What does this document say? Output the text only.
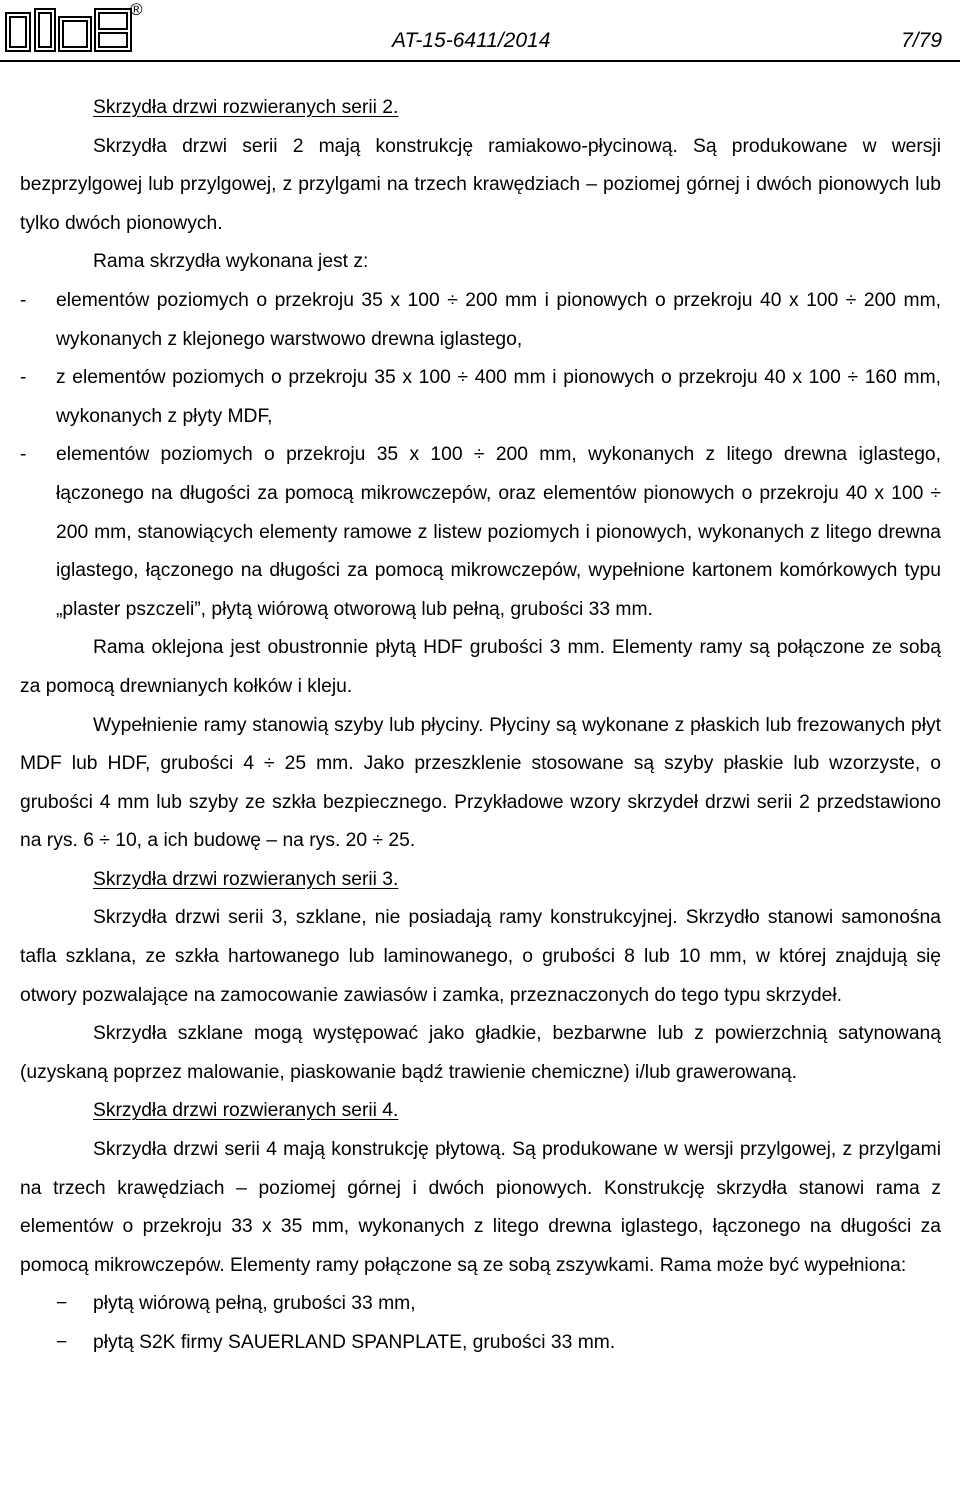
®
AT-15-6411/2014	7/79

Skrzydła drzwi rozwieranych serii 2.

Skrzydła drzwi serii 2 mają konstrukcję ramiakowo-płycinową. Są produkowane w wersji bezprzylgowej lub przylgowej, z przylgami na trzech krawędziach – poziomej górnej i dwóch pionowych lub tylko dwóch pionowych.

Rama skrzydła wykonana jest z:

- elementów poziomych o przekroju 35 x 100 ÷ 200 mm i pionowych o przekroju 40 x 100 ÷ 200 mm, wykonanych z klejonego warstwowo drewna iglastego,

- z elementów poziomych o przekroju 35 x 100 ÷ 400 mm i pionowych o przekroju 40 x 100 ÷ 160 mm, wykonanych z płyty MDF,

- elementów poziomych o przekroju 35 x 100 ÷ 200 mm, wykonanych z litego drewna iglastego, łączonego na długości za pomocą mikrowczepów, oraz elementów pionowych o przekroju 40 x 100 ÷ 200 mm, stanowiących elementy ramowe z listew poziomych i pionowych, wykonanych z litego drewna iglastego, łączonego na długości za pomocą mikrowczepów, wypełnione kartonem komórkowych typu „plaster pszczeli”, płytą wiórową otworową lub pełną, grubości 33 mm.

Rama oklejona jest obustronnie płytą HDF grubości 3 mm. Elementy ramy są połączone ze sobą za pomocą drewnianych kołków i kleju.

Wypełnienie ramy stanowią szyby lub płyciny. Płyciny są wykonane z płaskich lub frezowanych płyt MDF lub HDF, grubości 4 ÷ 25 mm. Jako przeszklenie stosowane są szyby płaskie lub wzorzyste, o grubości 4 mm lub szyby ze szkła bezpiecznego. Przykładowe wzory skrzydeł drzwi serii 2 przedstawiono na rys. 6 ÷ 10, a ich budowę – na rys. 20 ÷ 25.

Skrzydła drzwi rozwieranych serii 3.

Skrzydła drzwi serii 3, szklane, nie posiadają ramy konstrukcyjnej. Skrzydło stanowi samonośna tafla szklana, ze szkła hartowanego lub laminowanego, o grubości 8 lub 10 mm, w której znajdują się otwory pozwalające na zamocowanie zawiasów i zamka, przeznaczonych do tego typu skrzydeł.

Skrzydła szklane mogą występować jako gładkie, bezbarwne lub z powierzchnią satynowaną (uzyskaną poprzez malowanie, piaskowanie bądź trawienie chemiczne) i/lub grawerowaną.

Skrzydła drzwi rozwieranych serii 4.

Skrzydła drzwi serii 4 mają konstrukcję płytową. Są produkowane w wersji przylgowej, z przylgami na trzech krawędziach – poziomej górnej i dwóch pionowych. Konstrukcję skrzydła stanowi rama z elementów o przekroju 33 x 35 mm, wykonanych z litego drewna iglastego, łączonego na długości za pomocą mikrowczepów. Elementy ramy połączone są ze sobą zszywkami. Rama może być wypełniona:

− płytą wiórową pełną, grubości 33 mm,

− płytą S2K firmy SAUERLAND SPANPLATE, grubości 33 mm.
